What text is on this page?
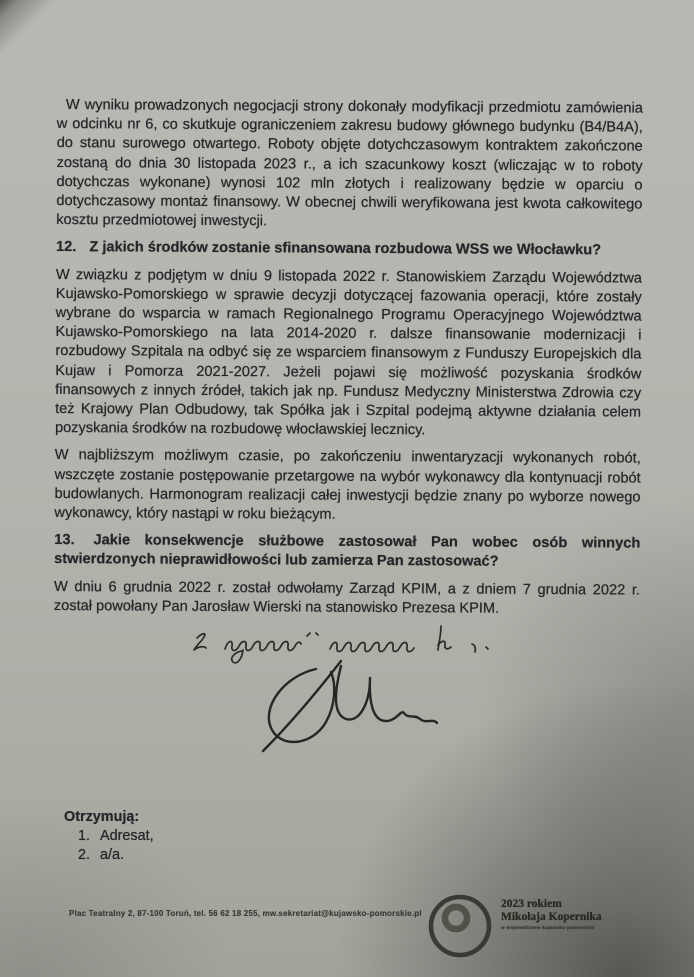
W wyniku prowadzonych negocjacji strony dokonały modyfikacji przedmiotu zamówienia w odcinku nr 6, co skutkuje ograniczeniem zakresu budowy głównego budynku (B4/B4A), do stanu surowego otwartego. Roboty objęte dotychczasowym kontraktem zakończone zostaną do dnia 30 listopada 2023 r., a ich szacunkowy koszt (wliczając w to roboty dotychczas wykonane) wynosi 102 mln złotych i realizowany będzie w oparciu o dotychczasowy montaż finansowy. W obecnej chwili weryfikowana jest kwota całkowitego kosztu przedmiotowej inwestycji.

12. Z jakich środków zostanie sfinansowana rozbudowa WSS we Włocławku?

W związku z podjętym w dniu 9 listopada 2022 r. Stanowiskiem Zarządu Województwa Kujawsko-Pomorskiego w sprawie decyzji dotyczącej fazowania operacji, które zostały wybrane do wsparcia w ramach Regionalnego Programu Operacyjnego Województwa Kujawsko-Pomorskiego na lata 2014-2020 r. dalsze finansowanie modernizacji i rozbudowy Szpitala na odbyć się ze wsparciem finansowym z Funduszy Europejskich dla Kujaw i Pomorza 2021-2027. Jeżeli pojawi się możliwość pozyskania środków finansowych z innych źródeł, takich jak np. Fundusz Medyczny Ministerstwa Zdrowia czy też Krajowy Plan Odbudowy, tak Spółka jak i Szpital podejmą aktywne działania celem pozyskania środków na rozbudowę włocławskiej lecznicy.

W najbliższym możliwym czasie, po zakończeniu inwentaryzacji wykonanych robót, wszczęte zostanie postępowanie przetargowe na wybór wykonawcy dla kontynuacji robót budowlanych. Harmonogram realizacji całej inwestycji będzie znany po wyborze nowego wykonawcy, który nastąpi w roku bieżącym.

13. Jakie konsekwencje służbowe zastosował Pan wobec osób winnych stwierdzonych nieprawidłowości lub zamierza Pan zastosować?

W dniu 6 grudnia 2022 r. został odwołamy Zarząd KPIM, a z dniem 7 grudnia 2022 r. został powołany Pan Jarosław Wierski na stanowisko Prezesa KPIM.

Otrzymują:
1. Adresat,
2. a/a.
Plac Teatralny 2, 87-100 Toruń, tel. 56 62 18 255, mw.sekretariat@kujawsko-pomorskie.pl
2023 rokiem
Mikołaja Kopernika
w województwie kujawsko-pomorskim
